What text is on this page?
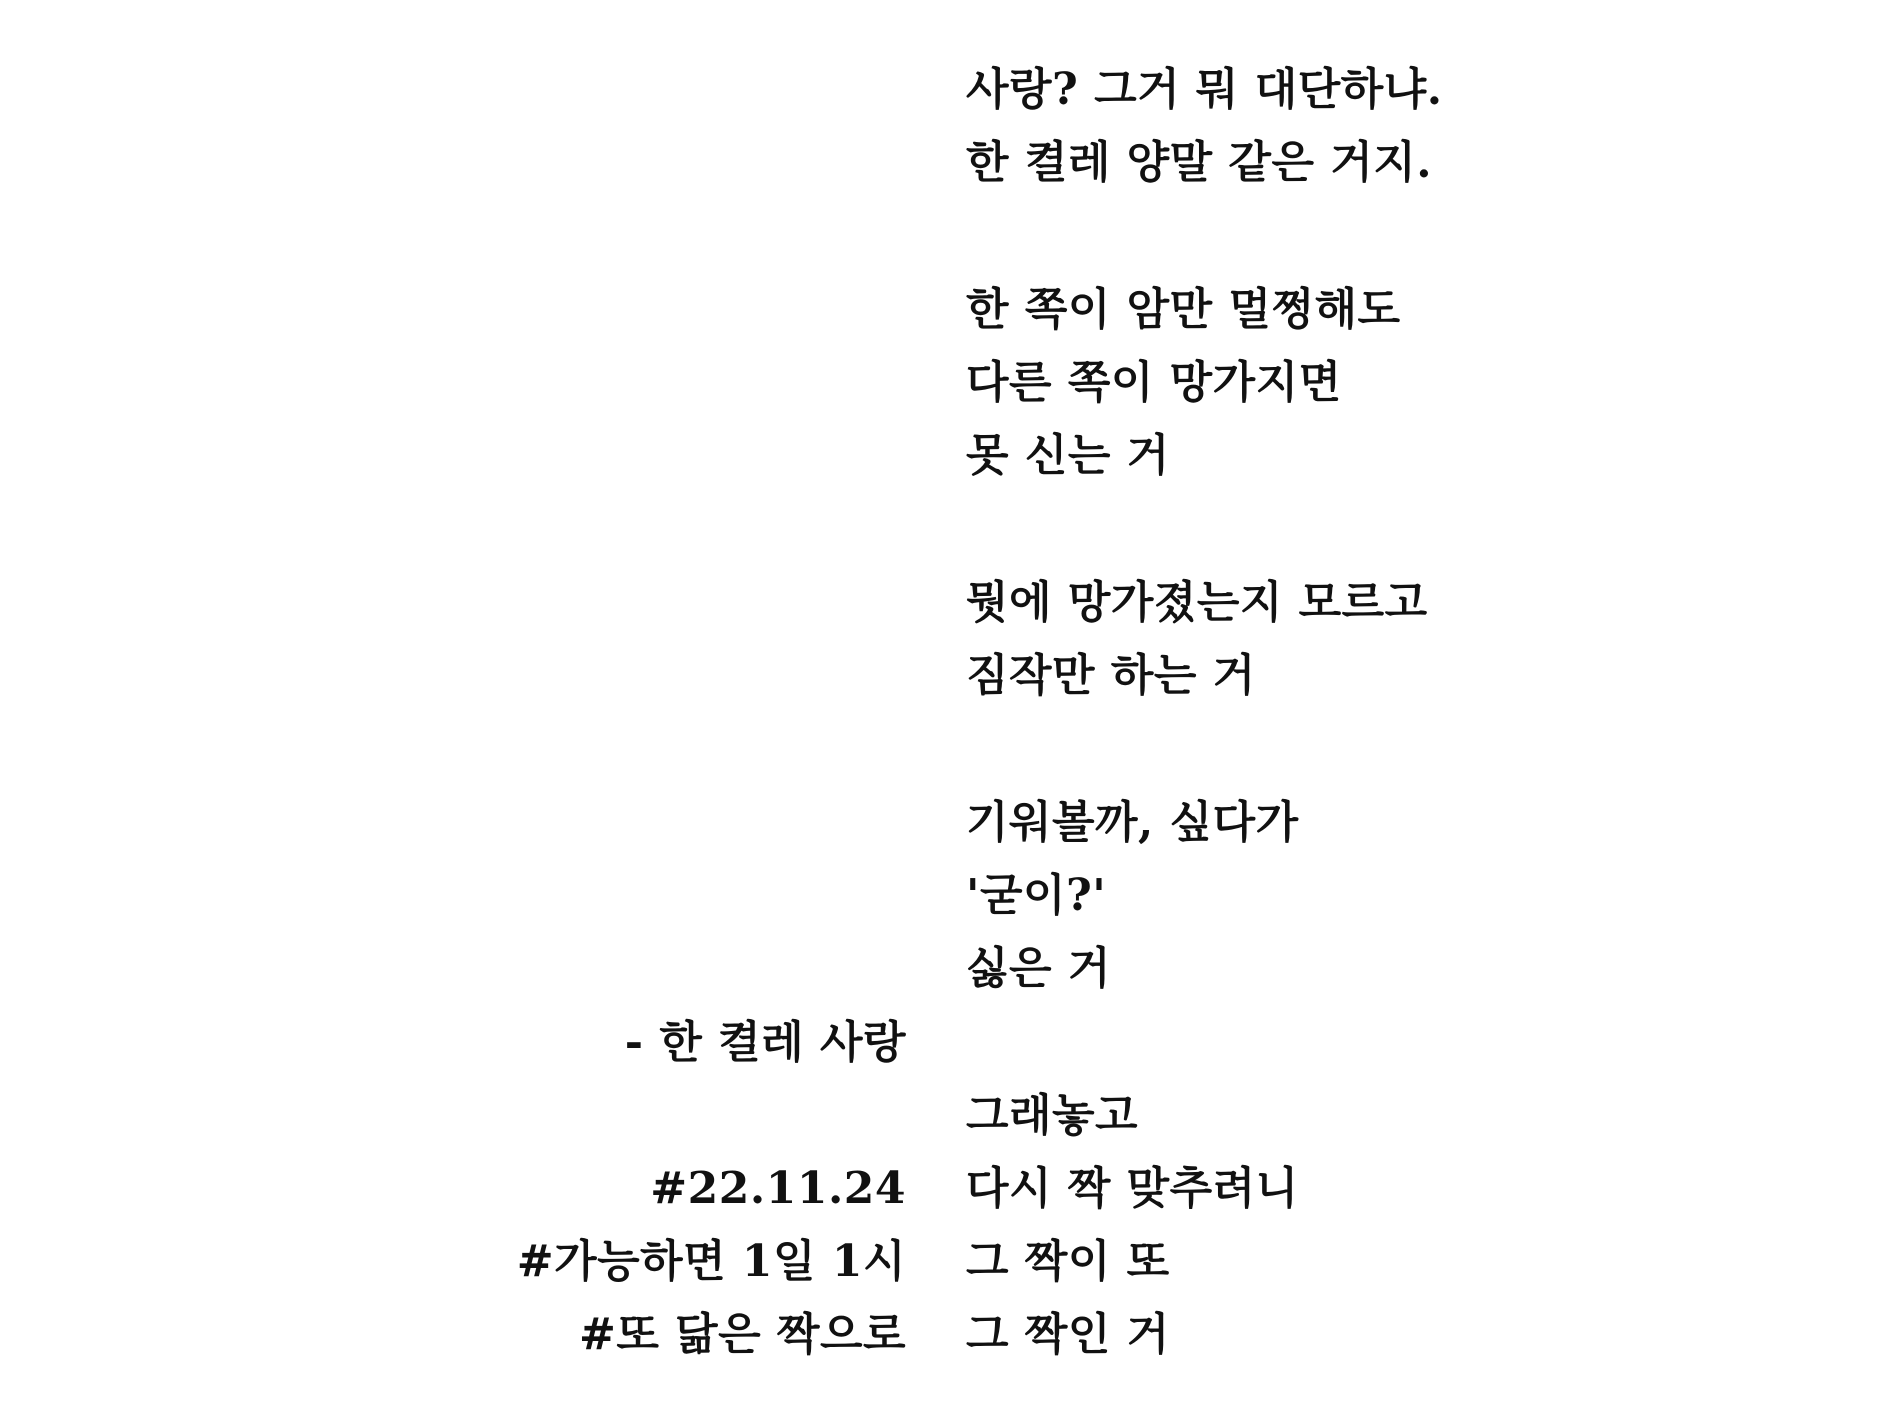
사랑? 그거 뭐 대단하냐.
한 켤레 양말 같은 거지.
한 쪽이 암만 멀쩡해도
다른 쪽이 망가지면
못 신는 거
뭣에 망가졌는지 모르고
짐작만 하는 거
기워볼까, 싶다가
'굳이?'
싫은 거
그래놓고
다시 짝 맞추려니
그 짝이 또
그 짝인 거
- 한 켤레 사랑
#22.11.24
#가능하면 1일 1시
#또 닮은 짝으로
